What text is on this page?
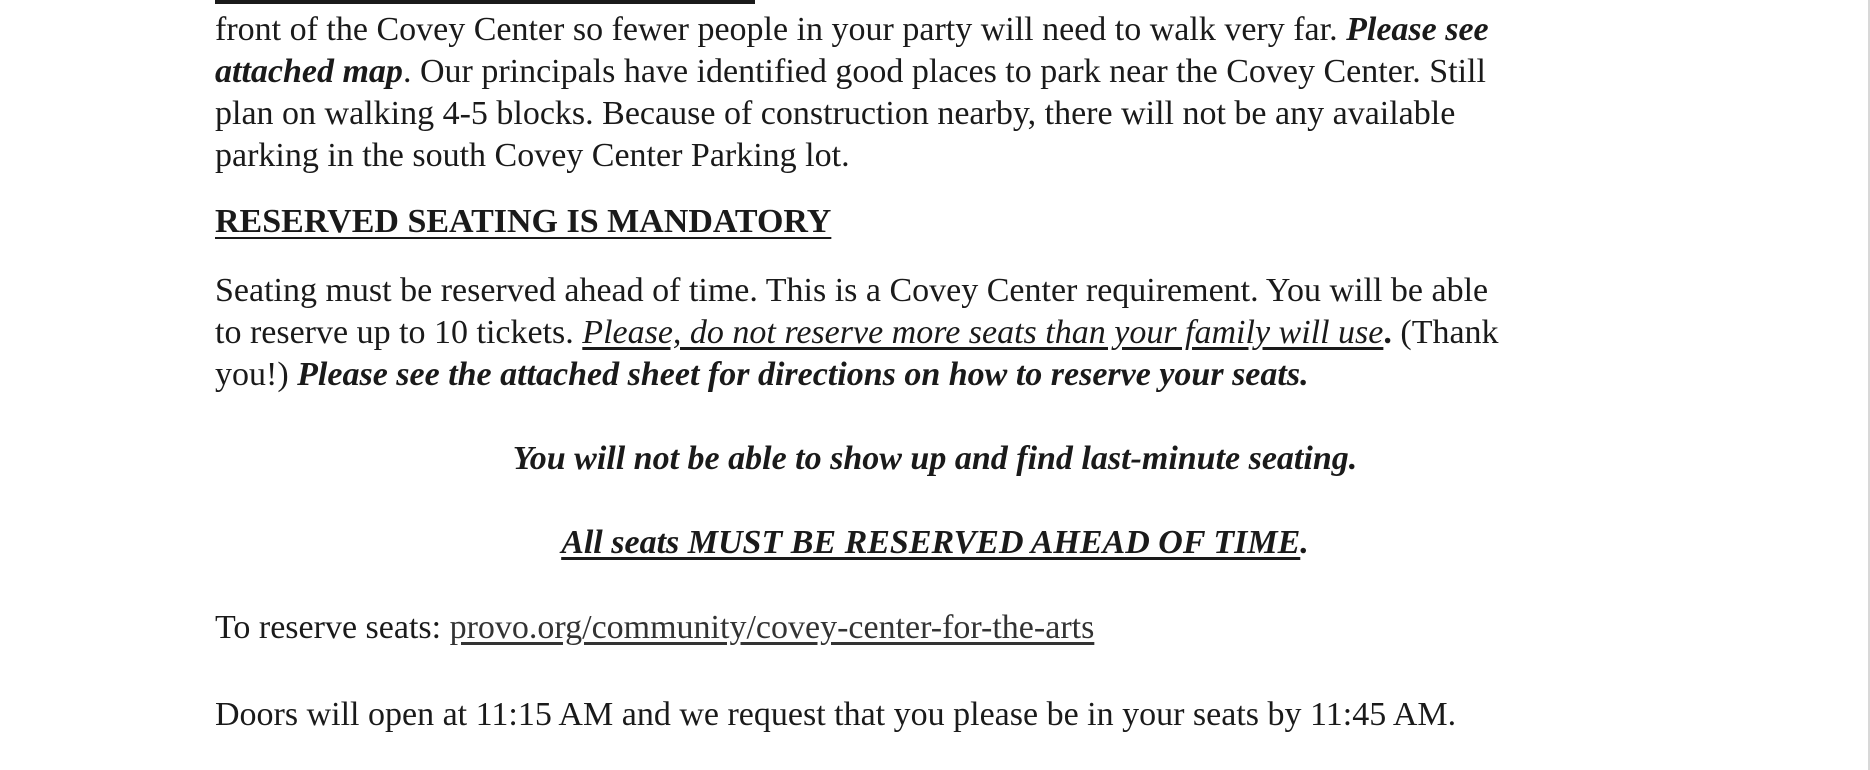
front of the Covey Center so fewer people in your party will need to walk very far. Please see
attached map. Our principals have identified good places to park near the Covey Center. Still
plan on walking 4-5 blocks. Because of construction nearby, there will not be any available
parking in the south Covey Center Parking lot.
RESERVED SEATING IS MANDATORY
Seating must be reserved ahead of time. This is a Covey Center requirement. You will be able
to reserve up to 10 tickets. Please, do not reserve more seats than your family will use. (Thank
you!) Please see the attached sheet for directions on how to reserve your seats.
You will not be able to show up and find last-minute seating.
All seats MUST BE RESERVED AHEAD OF TIME.
To reserve seats: provo.org/community/covey-center-for-the-arts
Doors will open at 11:15 AM and we request that you please be in your seats by 11:45 AM.
